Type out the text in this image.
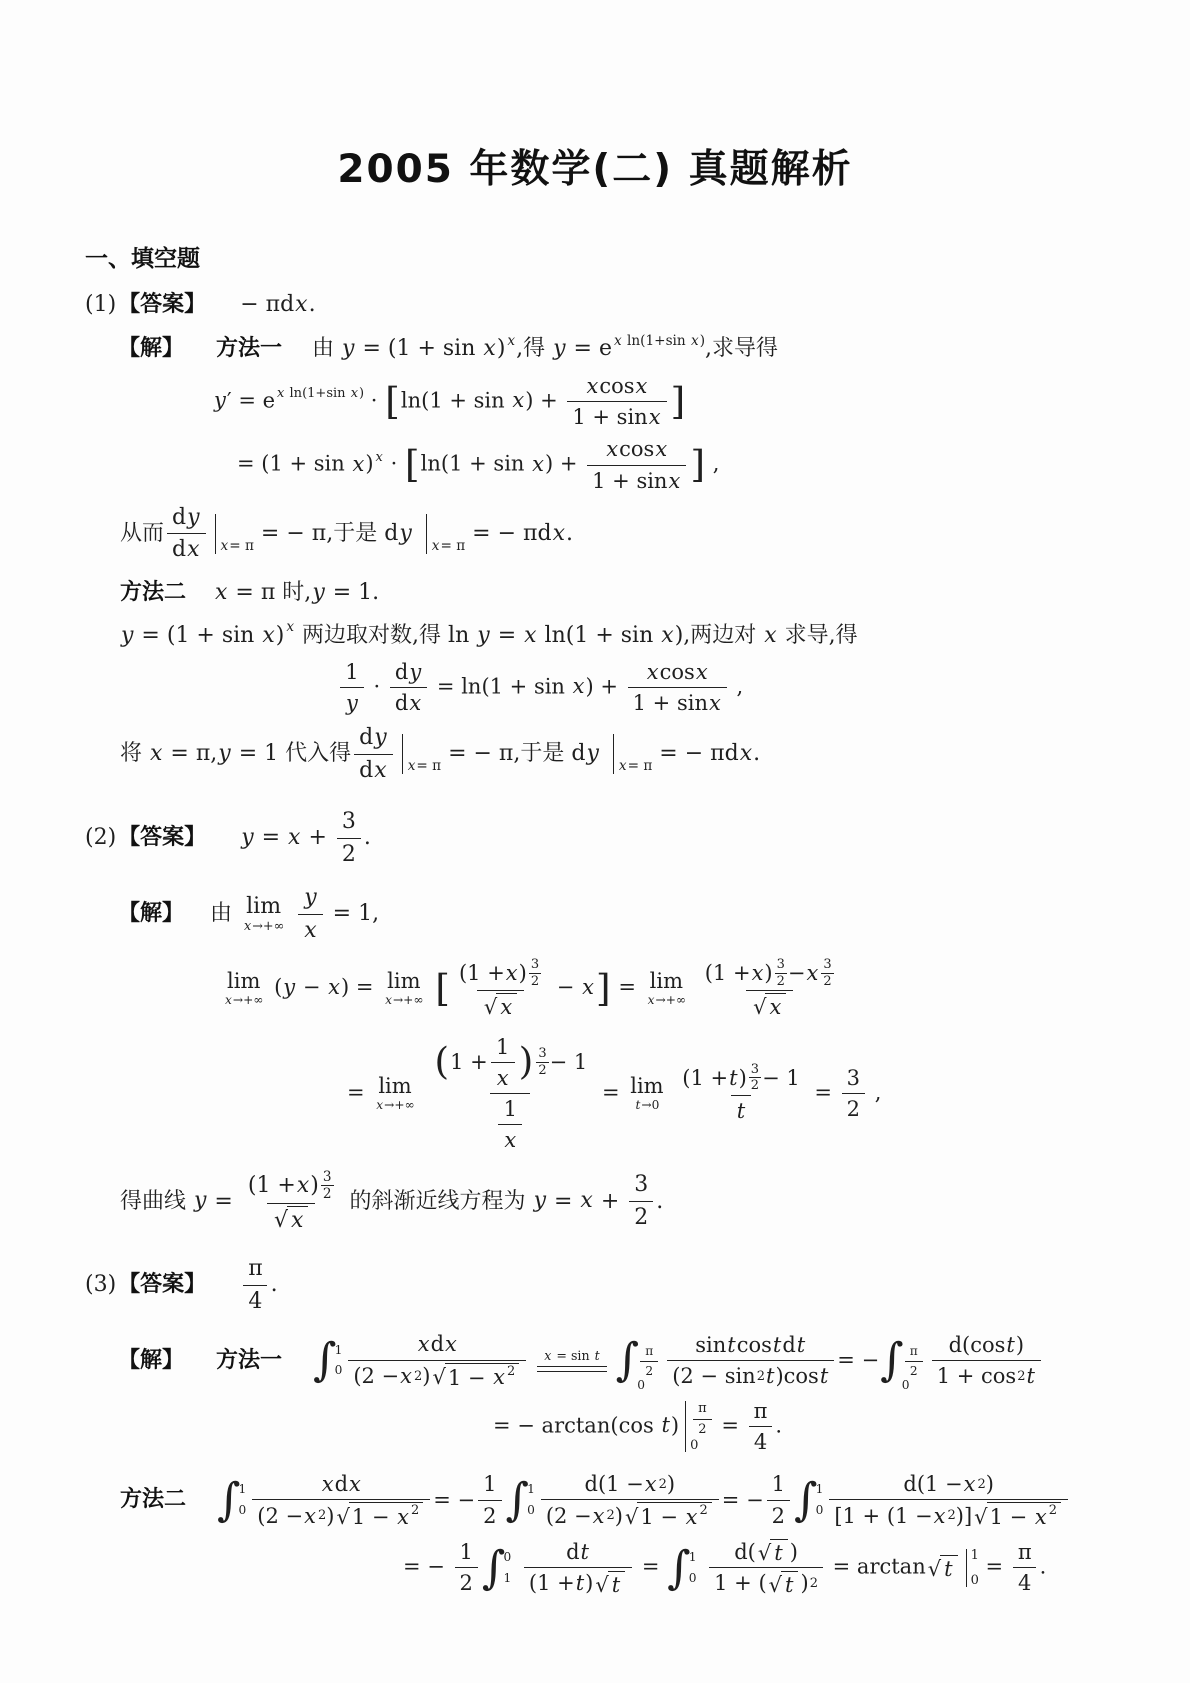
2005 年数学(二) 真题解析
一、填空题
(1) 【答案】 − πdx.
【解】 方法一 由 y = (1 + sin x) $^x$,得 y = e $^{x ln(1+sin x)}$,求导得
y′ = e $^{x ln(1+sin x)} \cdot [\ln(1 + \sin x) + \frac{\text{x cos x}}{\text{1 + sin x}}$ ]
= (1 + sin x) $^x \cdot [\ln(1 + \sin x) + \frac{\text{x cos x}}{\text{1 + sin x}}$ ] ,
从而 $\frac{\text{d y}}{\text{d x}}$ x = π
= − π,于是 dy
x = π
= − πdx.
方法二 x = π 时,y = 1.
y = (1 + sin x) $^x$ 两边取对数,得 ln y = x ln(1 + sin x),两边对 x 求导,得
$\frac{1}{y} \cdot \frac{\text{d y}}{\text{d x}} = \ln(1 + \sin x) + \frac{\text{x cos x}}{\text{1 + sin x}}$ ,
将 x = π,y = 1 代入得 $\frac{\text{d y}}{\text{d x}}$ x = π
= − π,于是 dy
x = π
= − πdx.
(2) 【答案】 $y = x + \frac{3}{2}$ .
【解】 由 lim
x→+∞
$\frac{y}{x} = 1$,
lim
x→+∞
(y − x) = lim
x→+∞ [ $\frac{(1 + x ) \frac{3}{2}}{√ x} - x] = \lim$
x→+∞
$\frac{(1 + x ) \frac{3}{2} - x \frac{3}{2}}{√ x}$
= lim
x→+∞
$\frac{( 1 + \frac{1}{x} ) \frac{3}{2} - 1}{\frac{1}{x}} = \lim$
t→0
$\frac{(1 + t ) \frac{3}{2} - 1}{t} = \frac{3}{2}$ ,
得曲线 $y = \frac{(1 + x ) \frac{3}{2}}{√ x}$ 的斜渐近线方程为 $y = x + \frac{3}{2}$ .
(3) 【答案】 $\frac{\pi}{4}$ .
【解】 方法一 ∫
1
$0 \frac{\text{x d x}}{(2 - x 2 ) √ 1 - x ^2}$	x = sin t ∫ $\frac{\pi}{2}$
$0 \frac{\text{sin t cos t d t}}{\text{(2 − sin 2 t )cos t}}$ = − ∫ $\frac{\pi}{2}$
$0 \frac{\text{d(cos t )}}{1 + \cos 2 t}$
= − arctan(cos $t) \frac{\pi}{2}$
0
= $\frac{\pi}{4}$ .
方法二 ∫
1
$0 \frac{\text{x d x}}{(2 - x 2 ) √ 1 - x ^2}$ = − $\frac{1}{2}$ ∫
1
$0 \frac{d(1 - x 2 )}{(2 - x 2 ) √ 1 - x ^2}$ = − $\frac{1}{2}$ ∫
1
$0 \frac{d(1 - x 2 )}{[1 + (1 - x 2 )] √ 1 - x ^2}$
= − $\frac{1}{2}$ ∫
0
1
$\frac{\text{d t}}{(1 + t ) √ t}$ = ∫
1
0
$\frac{d( √ t )}{1 + ( √ t ) 2} = \arctan$ √ t
1
0
= $\frac{\pi}{4}$ .
